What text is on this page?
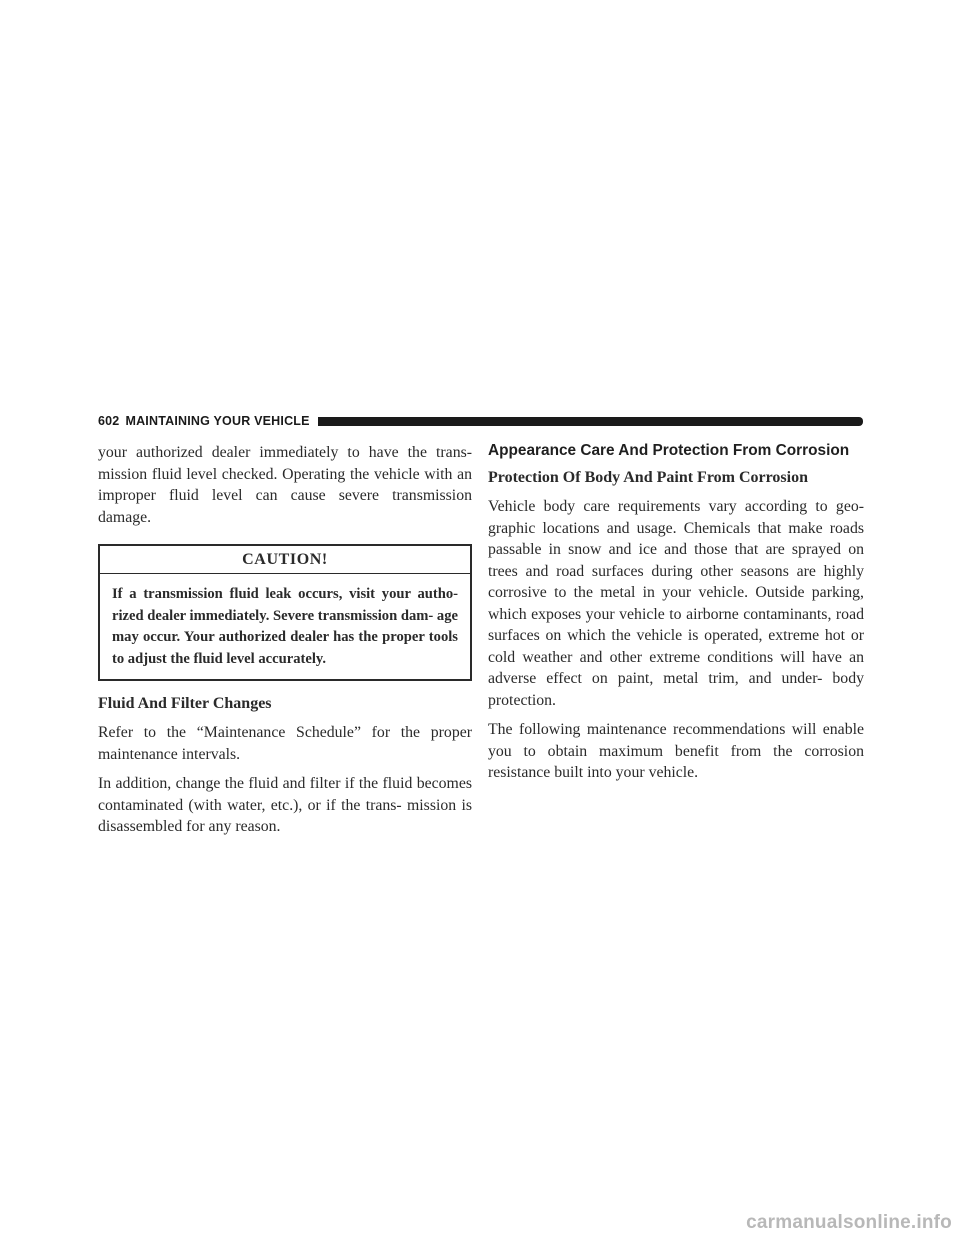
602 MAINTAINING YOUR VEHICLE

your authorized dealer immediately to have the trans- mission fluid level checked. Operating the vehicle with an improper fluid level can cause severe transmission damage.

CAUTION!

If a transmission fluid leak occurs, visit your autho- rized dealer immediately. Severe transmission dam- age may occur. Your authorized dealer has the proper tools to adjust the fluid level accurately.

Fluid And Filter Changes

Refer to the “Maintenance Schedule” for the proper maintenance intervals.

In addition, change the fluid and filter if the fluid becomes contaminated (with water, etc.), or if the trans- mission is disassembled for any reason.

Appearance Care And Protection From Corrosion
Protection Of Body And Paint From Corrosion

Vehicle body care requirements vary according to geo- graphic locations and usage. Chemicals that make roads passable in snow and ice and those that are sprayed on trees and road surfaces during other seasons are highly corrosive to the metal in your vehicle. Outside parking, which exposes your vehicle to airborne contaminants, road surfaces on which the vehicle is operated, extreme hot or cold weather and other extreme conditions will have an adverse effect on paint, metal trim, and under- body protection.

The following maintenance recommendations will enable you to obtain maximum benefit from the corrosion resistance built into your vehicle.

carmanualsonline.info
